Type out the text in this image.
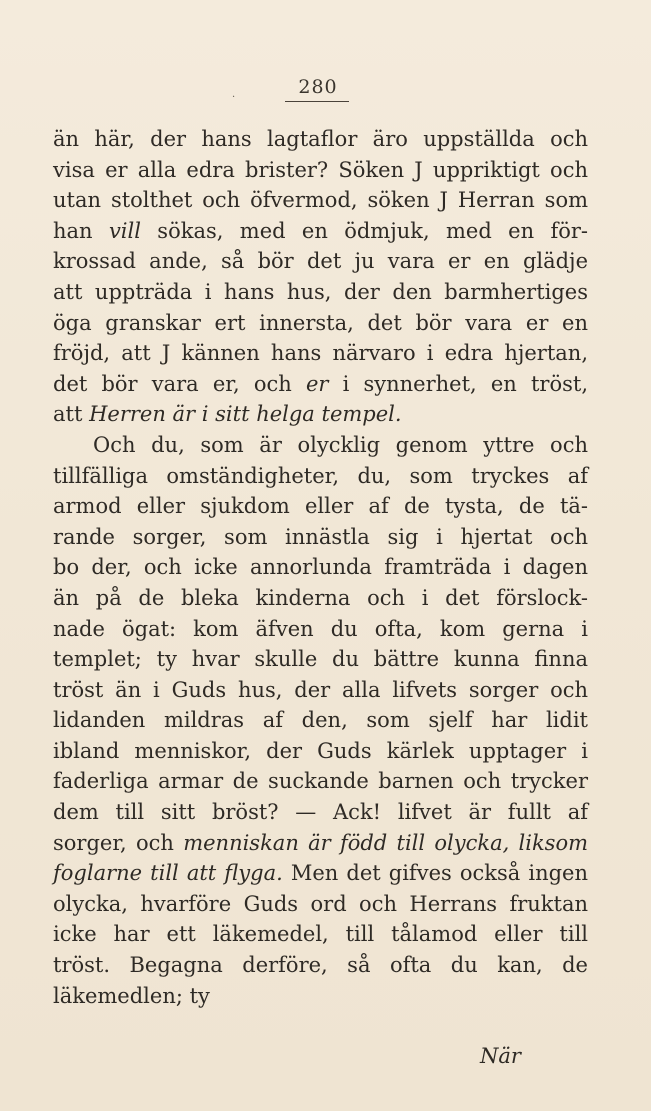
·	280
än här, der hans lagtaflor äro uppställda och
visa er alla edra brister? Söken J uppriktigt och
utan stolthet och öfvermod, söken J Herran som
han vill sökas, med en ödmjuk, med en för-
krossad ande, så bör det ju vara er en glädje
att uppträda i hans hus, der den barmhertiges
öga granskar ert innersta, det bör vara er en
fröjd, att J kännen hans närvaro i edra hjertan,
det bör vara er, och er i synnerhet, en tröst,
att Herren är i sitt helga tempel.
Och du, som är olycklig genom yttre och
tillfälliga omständigheter, du, som tryckes af
armod eller sjukdom eller af de tysta, de tä-
rande sorger, som innästla sig i hjertat och
bo der, och icke annorlunda framträda i dagen
än på de bleka kinderna och i det förslock-
nade ögat: kom äfven du ofta, kom gerna i
templet; ty hvar skulle du bättre kunna finna
tröst än i Guds hus, der alla lifvets sorger och
lidanden mildras af den, som sjelf har lidit
ibland menniskor, der Guds kärlek upptager i
faderliga armar de suckande barnen och trycker
dem till sitt bröst? — Ack! lifvet är fullt af
sorger, och menniskan är född till olycka, liksom
foglarne till att flyga. Men det gifves också ingen
olycka, hvarföre Guds ord och Herrans fruktan
icke har ett läkemedel, till tålamod eller till
tröst. Begagna derföre, så ofta du kan, de
läkemedlen; ty
När
